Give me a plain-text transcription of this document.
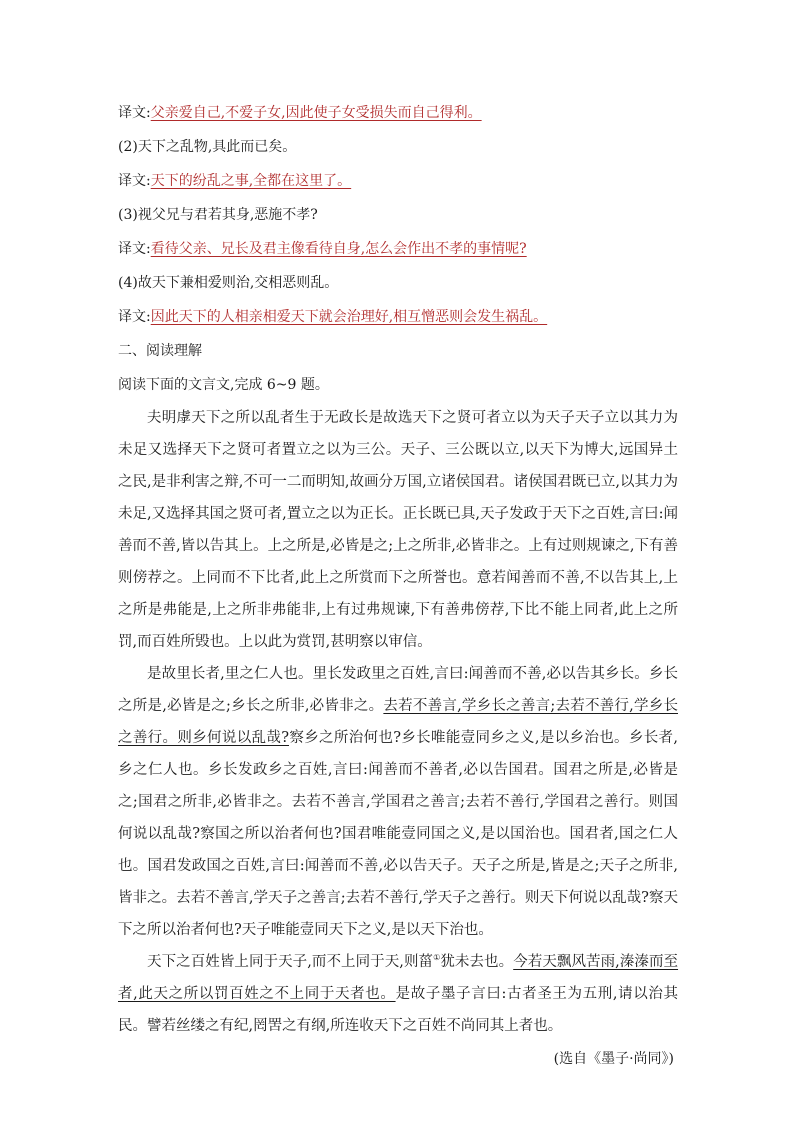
译文:父亲爱自己,不爱子女,因此使子女受损失而自己得利。
(2)天下之乱物,具此而已矣。
译文:天下的纷乱之事,全都在这里了。
(3)视父兄与君若其身,恶施不孝?
译文:看待父亲、兄长及君主像看待自身,怎么会作出不孝的事情呢?
(4)故天下兼相爱则治,交相恶则乱。
译文:因此天下的人相亲相爱天下就会治理好,相互憎恶则会发生祸乱。
二、阅读理解
阅读下面的文言文,完成 6~9 题。

夫明虖天下之所以乱者生于无政长是故选天下之贤可者立以为天子天子立以其力为未足又选择天下之贤可者置立之以为三公。天子、三公既以立,以天下为博大,远国异土之民,是非利害之辩,不可一二而明知,故画分万国,立诸侯国君。诸侯国君既已立,以其力为未足,又选择其国之贤可者,置立之以为正长。正长既已具,天子发政于天下之百姓,言曰:闻善而不善,皆以告其上。上之所是,必皆是之;上之所非,必皆非之。上有过则规谏之,下有善则傍荐之。上同而不下比者,此上之所赏而下之所誉也。意若闻善而不善,不以告其上,上之所是弗能是,上之所非弗能非,上有过弗规谏,下有善弗傍荐,下比不能上同者,此上之所罚,而百姓所毁也。上以此为赏罚,甚明察以审信。

是故里长者,里之仁人也。里长发政里之百姓,言曰:闻善而不善,必以告其乡长。乡长之所是,必皆是之;乡长之所非,必皆非之。去若不善言,学乡长之善言;去若不善行,学乡长之善行。则乡何说以乱哉?察乡之所治何也?乡长唯能壹同乡之义,是以乡治也。乡长者,乡之仁人也。乡长发政乡之百姓,言曰:闻善而不善者,必以告国君。国君之所是,必皆是之;国君之所非,必皆非之。去若不善言,学国君之善言;去若不善行,学国君之善行。则国何说以乱哉?察国之所以治者何也?国君唯能壹同国之义,是以国治也。国君者,国之仁人也。国君发政国之百姓,言曰:闻善而不善,必以告天子。天子之所是,皆是之;天子之所非,皆非之。去若不善言,学天子之善言;去若不善行,学天子之善行。则天下何说以乱哉?察天下之所以治者何也?天子唯能壹同天下之义,是以天下治也。

天下之百姓皆上同于天子,而不上同于天,则菑①犹未去也。今若天飘风苦雨,溱溱而至者,此天之所以罚百姓之不上同于天者也。是故子墨子言曰:古者圣王为五刑,请以治其民。譬若丝缕之有纪,罔罟之有纲,所连收天下之百姓不尚同其上者也。

(选自《墨子·尚同》)
